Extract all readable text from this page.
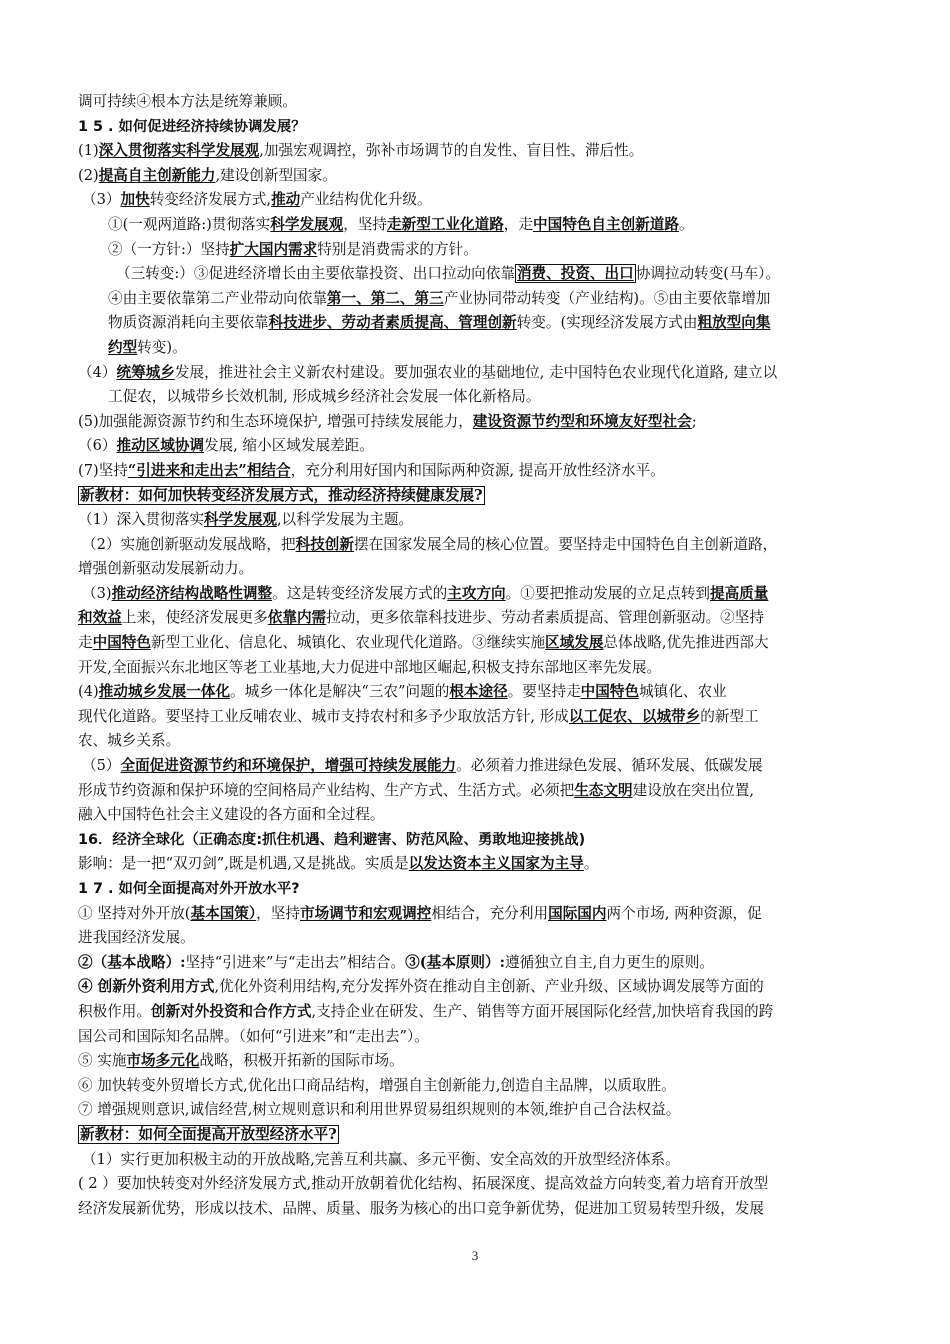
调可持续④根本方法是统筹兼顾。
1 5 . 如何促进经济持续协调发展？
(1)深入贯彻落实科学发展观,加强宏观调控，弥补市场调节的自发性、盲目性、滞后性。
(2)提高自主创新能力,建设创新型国家。
（3）加快转变经济发展方式,推动产业结构优化升级。
①(一观两道路:)贯彻落实科学发展观，坚持走新型工业化道路，走中国特色自主创新道路。
②（一方针:）坚持扩大国内需求特别是消费需求的方针。
（三转变:）③促进经济增长由主要依靠投资、出口拉动向依靠 消费、投资、出口 协调拉动转变(马车）。
④由主要依靠第二产业带动向依靠第一、第二、第三产业协同带动转变（产业结构)。⑤由主要依靠增加
物质资源消耗向主要依靠科技进步、劳动者素质提高、管理创新转变。(实现经济发展方式由粗放型向集
约型转变)。
（4）统筹城乡发展，推进社会主义新农村建设。要加强农业的基础地位, 走中国特色农业现代化道路, 建立以
工促农，以城带乡长效机制, 形成城乡经济社会发展一体化新格局。
(5)加强能源资源节约和生态环境保护, 增强可持续发展能力，建设资源节约型和环境友好型社会;
（6）推动区域协调发展, 缩小区域发展差距。
(7)坚持“引进来和走出去”相结合，充分利用好国内和国际两种资源, 提高开放性经济水平。
新教材：如何加快转变经济发展方式，推动经济持续健康发展?
（1）深入贯彻落实科学发展观,以科学发展为主题。
（2）实施创新驱动发展战略，把科技创新摆在国家发展全局的核心位置。要坚持走中国特色自主创新道路，
增强创新驱动发展新动力。
（3)推动经济结构战略性调整。这是转变经济发展方式的主攻方向。①要把推动发展的立足点转到提高质量
和效益上来，使经济发展更多依靠内需拉动，更多依靠科技进步、劳动者素质提高、管理创新驱动。②坚持
走中国特色新型工业化、信息化、城镇化、农业现代化道路。③继续实施区域发展总体战略,优先推进西部大
开发,全面振兴东北地区等老工业基地,大力促进中部地区崛起,积极支持东部地区率先发展。
(4)推动城乡发展一体化。城乡一体化是解决“三农”问题的根本途径。要坚持走中国特色城镇化、农业
现代化道路。要坚持工业反哺农业、城市支持农村和多予少取放活方针, 形成以工促农、以城带乡的新型工
农、城乡关系。
（5）全面促进资源节约和环境保护，增强可持续发展能力。必须着力推进绿色发展、循环发展、低碳发展
形成节约资源和保护环境的空间格局产业结构、生产方式、生活方式。必须把生态文明建设放在突出位置,
融入中国特色社会主义建设的各方面和全过程。
16．经济全球化（正确态度:抓住机遇、趋利避害、防范风险、勇敢地迎接挑战)
影响：是一把“双刃剑”,既是机遇,又是挑战。实质是以发达资本主义国家为主导。
1 7 . 如何全面提高对外开放水平?
① 坚持对外开放(基本国策），坚持市场调节和宏观调控相结合，充分利用国际国内两个市场, 两种资源，促
进我国经济发展。
②（基本战略）:坚持“引进来”与“走出去”相结合。③(基本原则）:遵循独立自主,自力更生的原则。
④ 创新外资利用方式,优化外资利用结构,充分发挥外资在推动自主创新、产业升级、区域协调发展等方面的
积极作用。创新对外投资和合作方式,支持企业在研发、生产、销售等方面开展国际化经营,加快培育我国的跨
国公司和国际知名品牌。（如何“引进来”和“走出去”）。
⑤ 实施市场多元化战略，积极开拓新的国际市场。
⑥ 加快转变外贸增长方式,优化出口商品结构，增强自主创新能力,创造自主品牌，以质取胜。
⑦ 增强规则意识,诚信经营,树立规则意识和利用世界贸易组织规则的本领,维护自己合法权益。
新教材：如何全面提高开放型经济水平?
（1）实行更加积极主动的开放战略,完善互利共赢、多元平衡、安全高效的开放型经济体系。
( 2 ）要加快转变对外经济发展方式,推动开放朝着优化结构、拓展深度、提高效益方向转变,着力培育开放型
经济发展新优势，形成以技术、品牌、质量、服务为核心的出口竞争新优势，促进加工贸易转型升级，发展
3
